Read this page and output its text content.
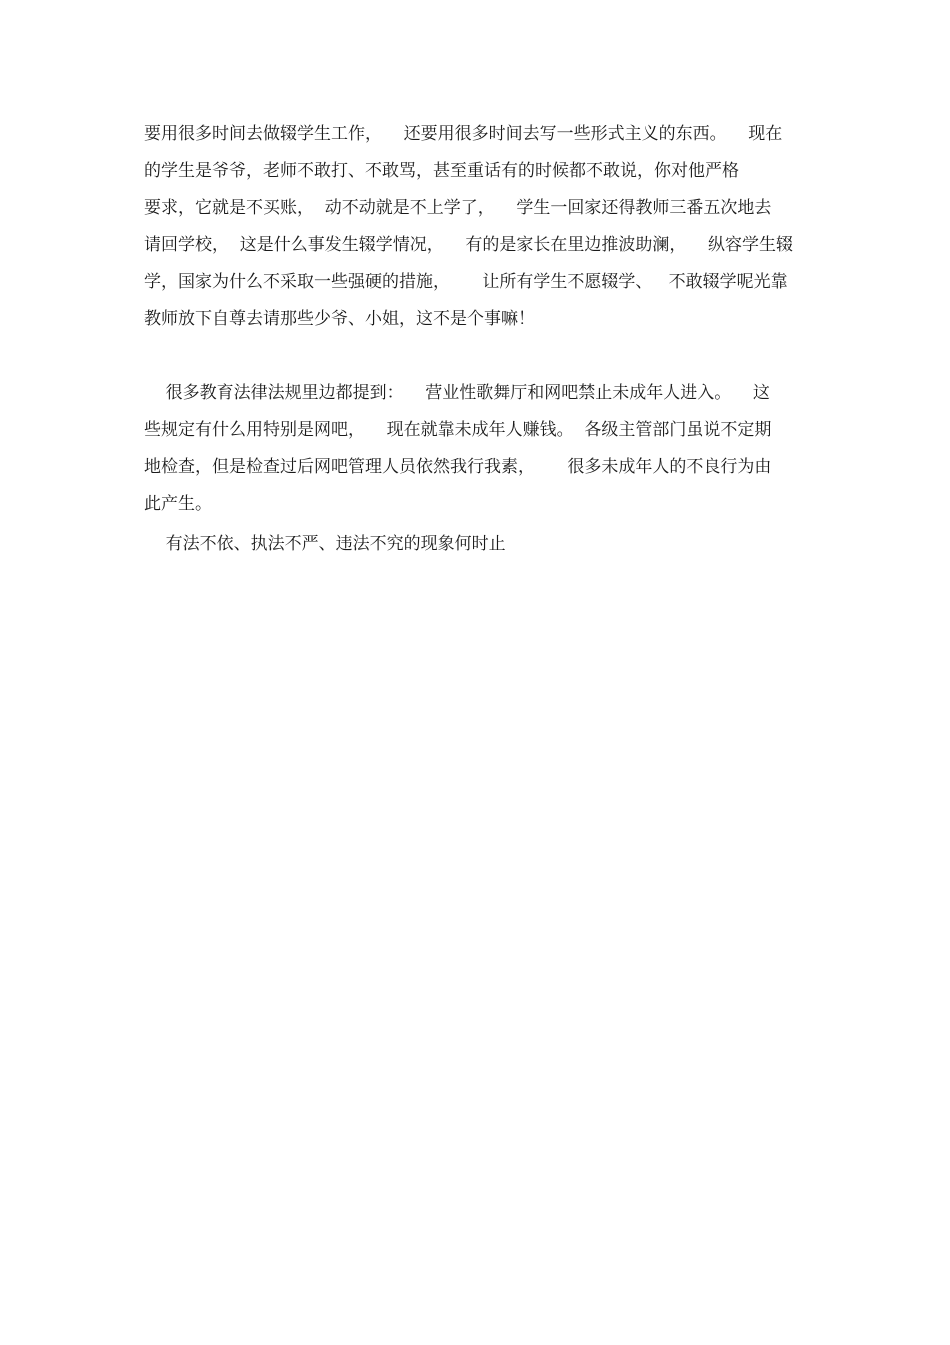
要用很多时间去做辍学生工作，    还要用很多时间去写一些形式主义的东西。    现在
的学生是爷爷，老师不敢打、不敢骂，甚至重话有的时候都不敢说，你对他严格
要求，它就是不买账，  动不动就是不上学了，    学生一回家还得教师三番五次地去
请回学校，  这是什么事发生辍学情况，    有的是家长在里边推波助澜，    纵容学生辍
学，国家为什么不采取一些强硬的措施，      让所有学生不愿辍学、   不敢辍学呢光靠
教师放下自尊去请那些少爷、小姐，这不是个事嘛！
很多教育法律法规里边都提到：    营业性歌舞厅和网吧禁止未成年人进入。    这
些规定有什么用特别是网吧，    现在就靠未成年人赚钱。  各级主管部门虽说不定期
地检查，但是检查过后网吧管理人员依然我行我素，      很多未成年人的不良行为由
此产生。
有法不依、执法不严、违法不究的现象何时止
